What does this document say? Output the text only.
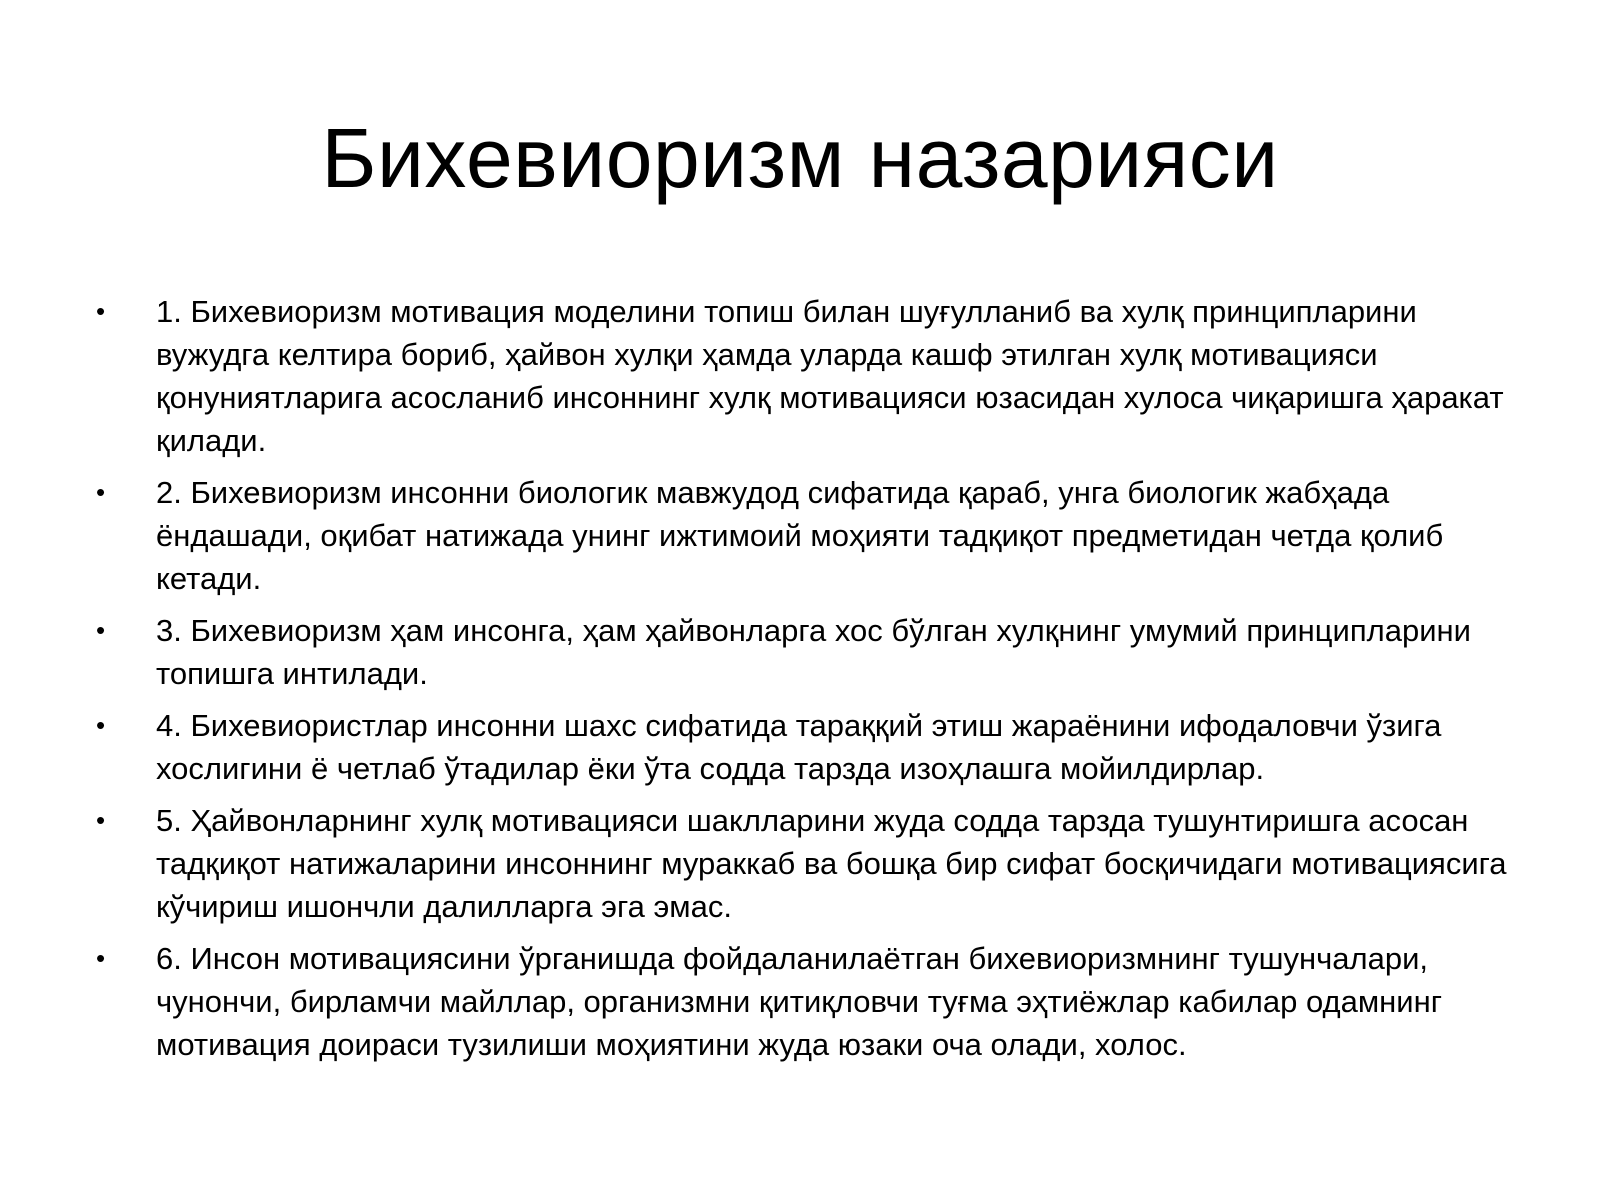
Бихевиоризм назарияси
• 1. Бихевиоризм мотивация моделини топиш билан шуғулланиб ва хулқ принципларини вужудга келтира бориб, ҳайвон хулқи ҳамда уларда кашф этилган хулқ мотивацияси қонуниятларига асосланиб инсоннинг хулқ мотивацияси юзасидан хулоса чиқаришга ҳаракат қилади.
• 2. Бихевиоризм инсонни биологик мавжудод сифатида қараб, унга биологик жабҳада ёндашади, оқибат натижада унинг ижтимоий моҳияти тадқиқот предметидан четда қолиб кетади.
• 3. Бихевиоризм ҳам инсонга, ҳам ҳайвонларга хос бўлган хулқнинг умумий принципларини топишга интилади.
• 4. Бихевиористлар инсонни шахс сифатида тараққий этиш жараёнини ифодаловчи ўзига хослигини ё четлаб ўтадилар ёки ўта содда тарзда изоҳлашга мойилдирлар.
• 5. Ҳайвонларнинг хулқ мотивацияси шаклларини жуда содда тарзда тушунтиришга асосан тадқиқот натижаларини инсоннинг мураккаб ва бошқа бир сифат босқичидаги мотивациясига кўчириш ишончли далилларга эга эмас.
• 6. Инсон мотивациясини ўрганишда фойдаланилаётган бихевиоризмнинг тушунчалари, чунончи, бирламчи майллар, организмни қитиқловчи туғма эҳтиёжлар кабилар одамнинг мотивация доираси тузилиши моҳиятини жуда юзаки оча олади, холос.
